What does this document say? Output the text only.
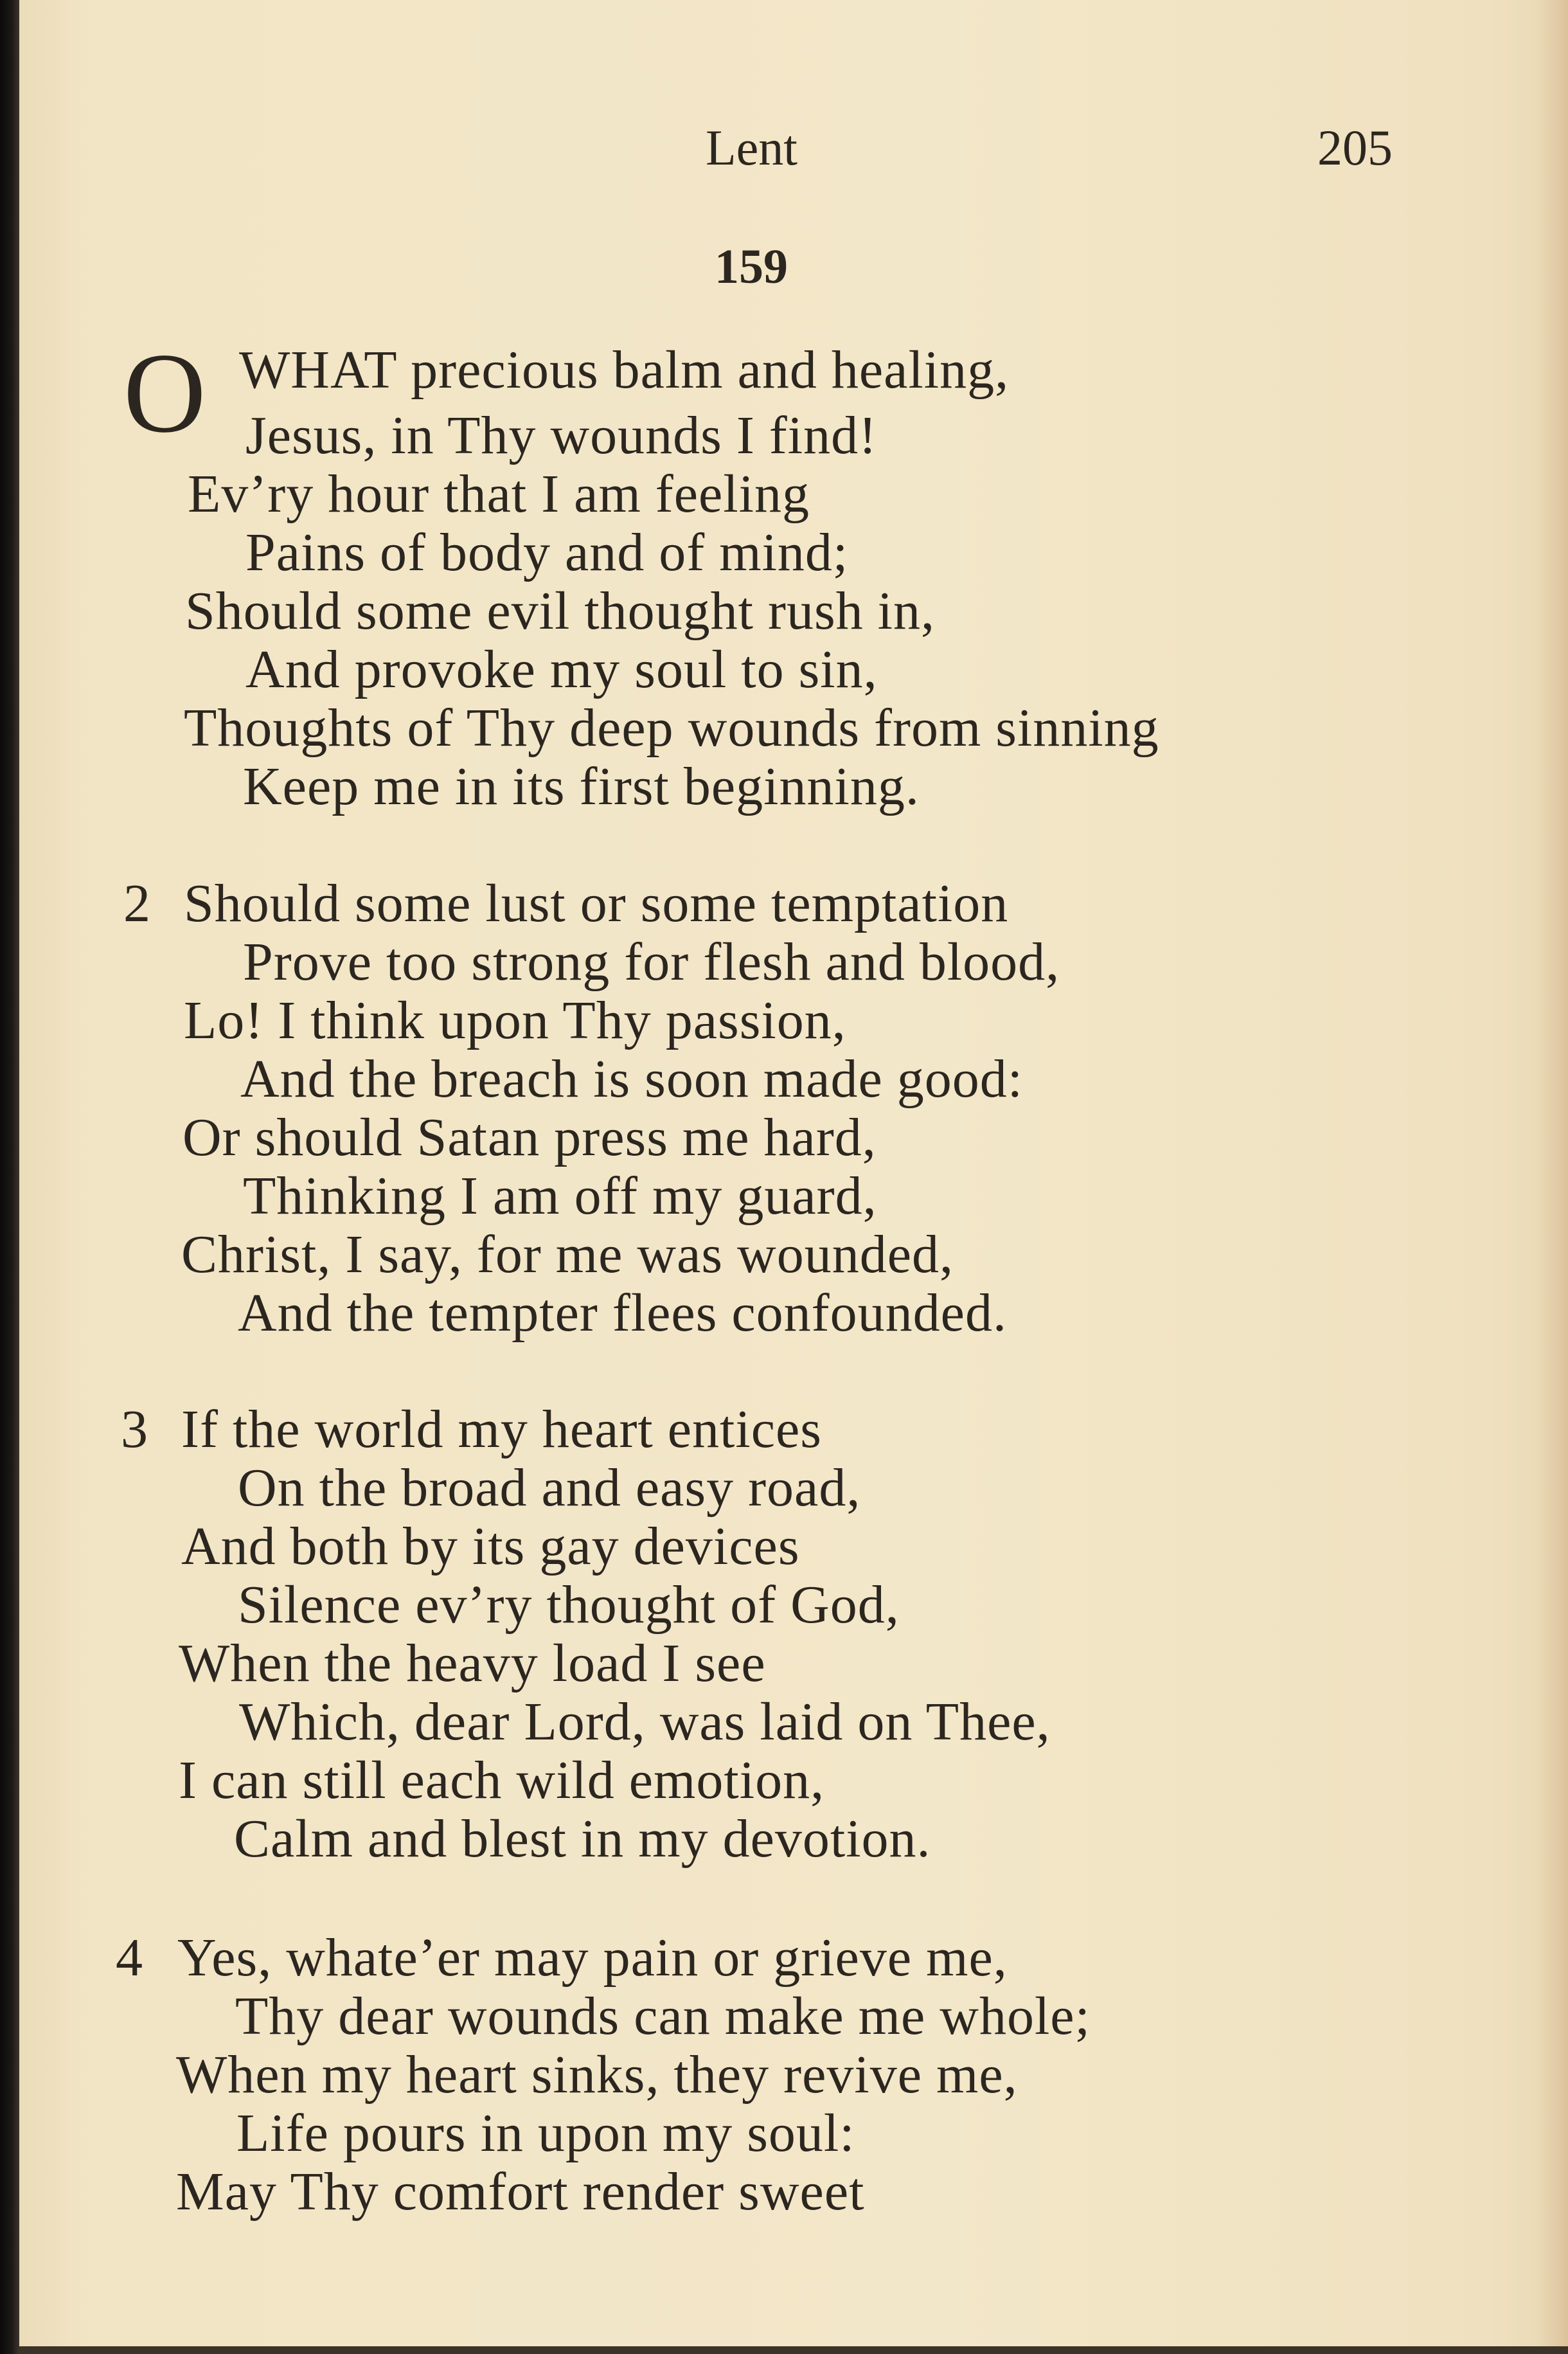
Lent	205
159
O WHAT precious balm and healing,
Jesus, in Thy wounds I find!
Ev’ry hour that I am feeling
Pains of body and of mind;
Should some evil thought rush in,
And provoke my soul to sin,
Thoughts of Thy deep wounds from sinning
Keep me in its first beginning.
2 Should some lust or some temptation
Prove too strong for flesh and blood,
Lo! I think upon Thy passion,
And the breach is soon made good:
Or should Satan press me hard,
Thinking I am off my guard,
Christ, I say, for me was wounded,
And the tempter flees confounded.
3 If the world my heart entices
On the broad and easy road,
And both by its gay devices
Silence ev’ry thought of God,
When the heavy load I see
Which, dear Lord, was laid on Thee,
I can still each wild emotion,
Calm and blest in my devotion.
4 Yes, whate’er may pain or grieve me,
Thy dear wounds can make me whole;
When my heart sinks, they revive me,
Life pours in upon my soul:
May Thy comfort render sweet
